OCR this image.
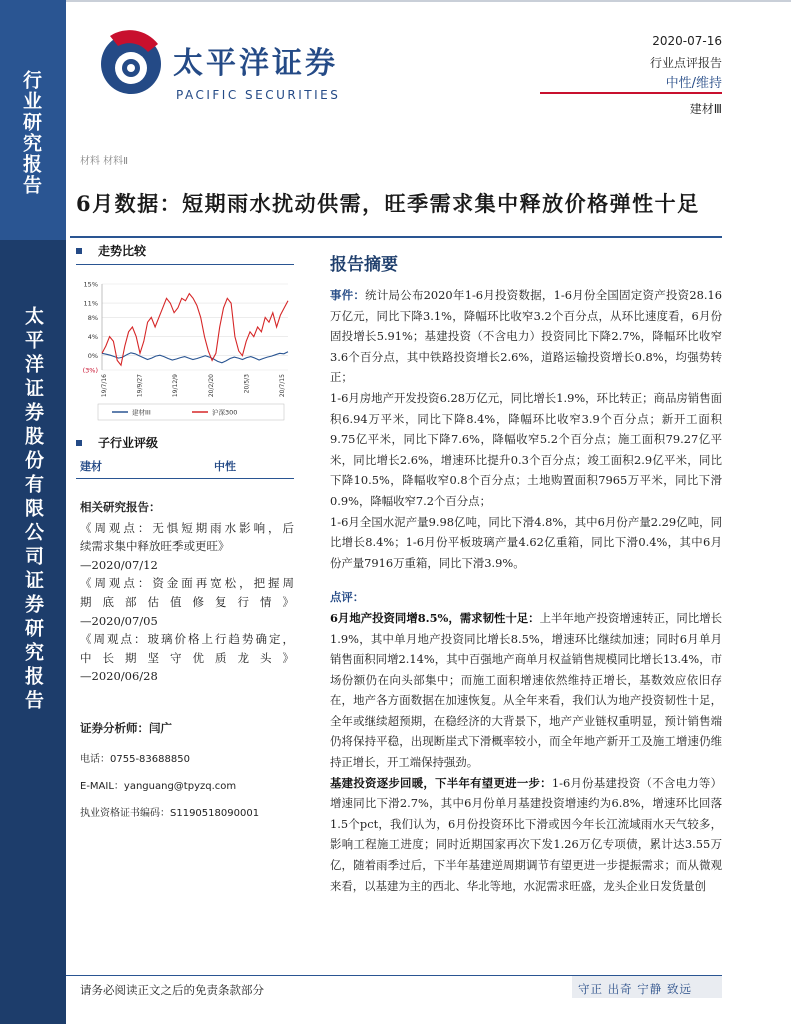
行业研究报告
太平洋证券股份有限公司证券研究报告
太平洋证券
PACIFIC SECURITIES
2020-07-16
行业点评报告
中性/维持
建材Ⅲ
材料 材料Ⅱ
6月数据：短期雨水扰动供需，旺季需求集中释放价格弹性十足
走势比较
15%
11%
8%
4%
0%
(3%)
19/7/16	19/9/27	19/12/9	20/2/20	20/5/3	20/7/15
建材III	沪深300
子行业评级
建材	中性
相关研究报告：
《周观点：无惧短期雨水影响，后
续需求集中释放旺季或更旺》
—2020/07/12
《周观点：资金面再宽松，把握周
期底部估值修复行情》
—2020/07/05
《周观点：玻璃价格上行趋势确定，
中长期坚守优质龙头》
—2020/06/28
证券分析师：闫广
电话：0755-83688850
E-MAIL：yanguang@tpyzq.com
执业资格证书编码：S1190518090001
报告摘要

事件：统计局公布2020年1-6月投资数据，1-6月份全国固定资产投资28.16万亿元，同比下降3.1%，降幅环比收窄3.2个百分点，从环比速度看，6月份固投增长5.91%；基建投资（不含电力）投资同比下降2.7%，降幅环比收窄3.6个百分点，其中铁路投资增长2.6%，道路运输投资增长0.8%，均强势转正；

1-6月房地产开发投资6.28万亿元，同比增长1.9%，环比转正；商品房销售面积6.94万平米，同比下降8.4%，降幅环比收窄3.9个百分点；新开工面积9.75亿平米，同比下降7.6%，降幅收窄5.2个百分点；施工面积79.27亿平米，同比增长2.6%，增速环比提升0.3个百分点；竣工面积2.9亿平米，同比下降10.5%，降幅收窄0.8个百分点；土地购置面积7965万平米，同比下滑0.9%，降幅收窄7.2个百分点；

1-6月全国水泥产量9.98亿吨，同比下滑4.8%，其中6月份产量2.29亿吨，同比增长8.4%；1-6月份平板玻璃产量4.62亿重箱，同比下滑0.4%，其中6月份产量7916万重箱，同比下滑3.9%。

点评：

6月地产投资同增8.5%，需求韧性十足：上半年地产投资增速转正，同比增长1.9%，其中单月地产投资同比增长8.5%，增速环比继续加速；同时6月单月销售面积同增2.14%，其中百强地产商单月权益销售规模同比增长13.4%，市场份额仍在向头部集中；而施工面积增速依然维持正增长，基数效应依旧存在，地产各方面数据在加速恢复。从全年来看，我们认为地产投资韧性十足，全年或继续超预期，在稳经济的大背景下，地产产业链权重明显，预计销售端仍将保持平稳，出现断崖式下滑概率较小，而全年地产新开工及施工增速仍维持正增长，开工端保持强劲。

基建投资逐步回暖，下半年有望更进一步：1-6月份基建投资（不含电力等）增速同比下滑2.7%，其中6月份单月基建投资增速约为6.8%，增速环比回落1.5个pct，我们认为，6月份投资环比下滑或因今年长江流域雨水天气较多，影响工程施工进度；同时近期国家再次下发1.26万亿专项债，累计达3.55万亿，随着雨季过后，下半年基建逆周期调节有望更进一步提振需求；而从微观来看，以基建为主的西北、华北等地，水泥需求旺盛，龙头企业日发货量创

请务必阅读正文之后的免责条款部分	守正 出奇 宁静 致远
